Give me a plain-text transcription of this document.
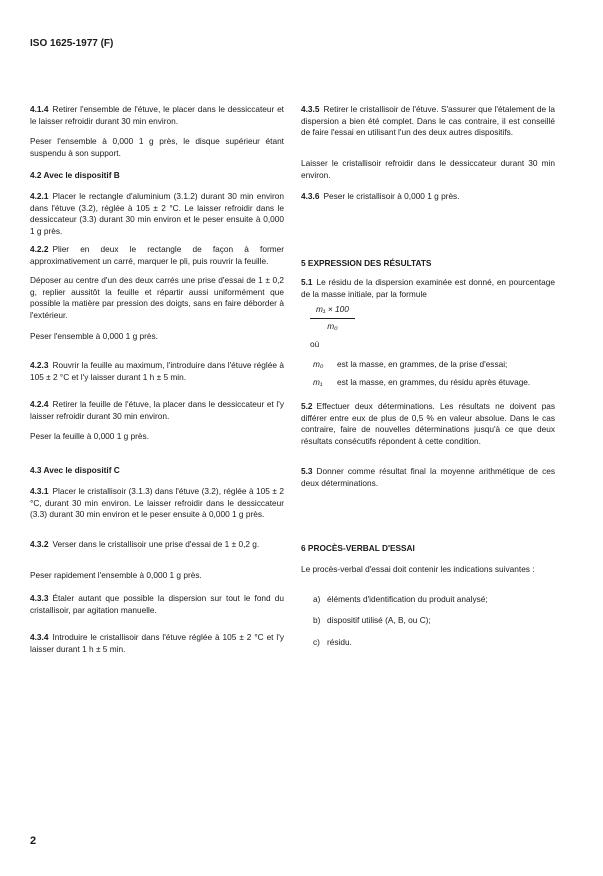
ISO 1625-1977 (F)

4.1.4 Retirer l'ensemble de l'étuve, le placer dans le dessiccateur et le laisser refroidir durant 30 min environ.

Peser l'ensemble à 0,000 1 g près, le disque supérieur étant suspendu à son support.

4.2 Avec le dispositif B

4.2.1 Placer le rectangle d'aluminium (3.1.2) durant 30 min environ dans l'étuve (3.2), réglée à 105 ± 2 °C. Le laisser refroidir dans le dessiccateur (3.3) durant 30 min environ et le peser ensuite à 0,000 1 g près.

4.2.2 Plier en deux le rectangle de façon à former approximativement un carré, marquer le pli, puis rouvrir la feuille.

Déposer au centre d'un des deux carrés une prise d'essai de 1 ± 0,2 g, replier aussitôt la feuille et répartir aussi uniformément que possible la matière par pression des doigts, sans en faire déborder à l'extérieur.

Peser l'ensemble à 0,000 1 g près.

4.2.3 Rouvrir la feuille au maximum, l'introduire dans l'étuve réglée à 105 ± 2 °C et l'y laisser durant 1 h ± 5 min.

4.2.4 Retirer la feuille de l'étuve, la placer dans le dessiccateur et l'y laisser refroidir durant 30 min environ.

Peser la feuille à 0,000 1 g près.

4.3 Avec le dispositif C

4.3.1 Placer le cristallisoir (3.1.3) dans l'étuve (3.2), réglée à 105 ± 2 °C, durant 30 min environ. Le laisser refroidir dans le dessiccateur (3.3) durant 30 min environ et le peser ensuite à 0,000 1 g près.

4.3.2 Verser dans le cristallisoir une prise d'essai de 1 ± 0,2 g.

Peser rapidement l'ensemble à 0,000 1 g près.

4.3.3 Étaler autant que possible la dispersion sur tout le fond du cristallisoir, par agitation manuelle.

4.3.4 Introduire le cristallisoir dans l'étuve réglée à 105 ± 2 °C et l'y laisser durant 1 h ± 5 min.

4.3.5 Retirer le cristallisoir de l'étuve. S'assurer que l'étalement de la dispersion a bien été complet. Dans le cas contraire, il est conseillé de faire l'essai en utilisant l'un des deux autres dispositifs.

Laisser le cristallisoir refroidir dans le dessiccateur durant 30 min environ.

4.3.6 Peser le cristallisoir à 0,000 1 g près.

5 EXPRESSION DES RÉSULTATS

5.1 Le résidu de la dispersion examinée est donné, en pourcentage de la masse initiale, par la formule

5.2 Effectuer deux déterminations. Les résultats ne doivent pas différer entre eux de plus de 0,5 % en valeur absolue. Dans le cas contraire, faire de nouvelles déterminations jusqu'à ce que deux résultats consécutifs répondent à cette condition.

5.3 Donner comme résultat final la moyenne arithmétique de ces deux déterminations.

6 PROCÈS-VERBAL D'ESSAI

Le procès-verbal d'essai doit contenir les indications suivantes :

$\frac{\text{m₁ × 100}}{\text{m₀}}$
où
m₀ est la masse, en grammes, de la prise d'essai;
m₁ est la masse, en grammes, du résidu après étuvage.
a) éléments d'identification du produit analysé;
b) dispositif utilisé (A, B, ou C);
c) résidu.
2
